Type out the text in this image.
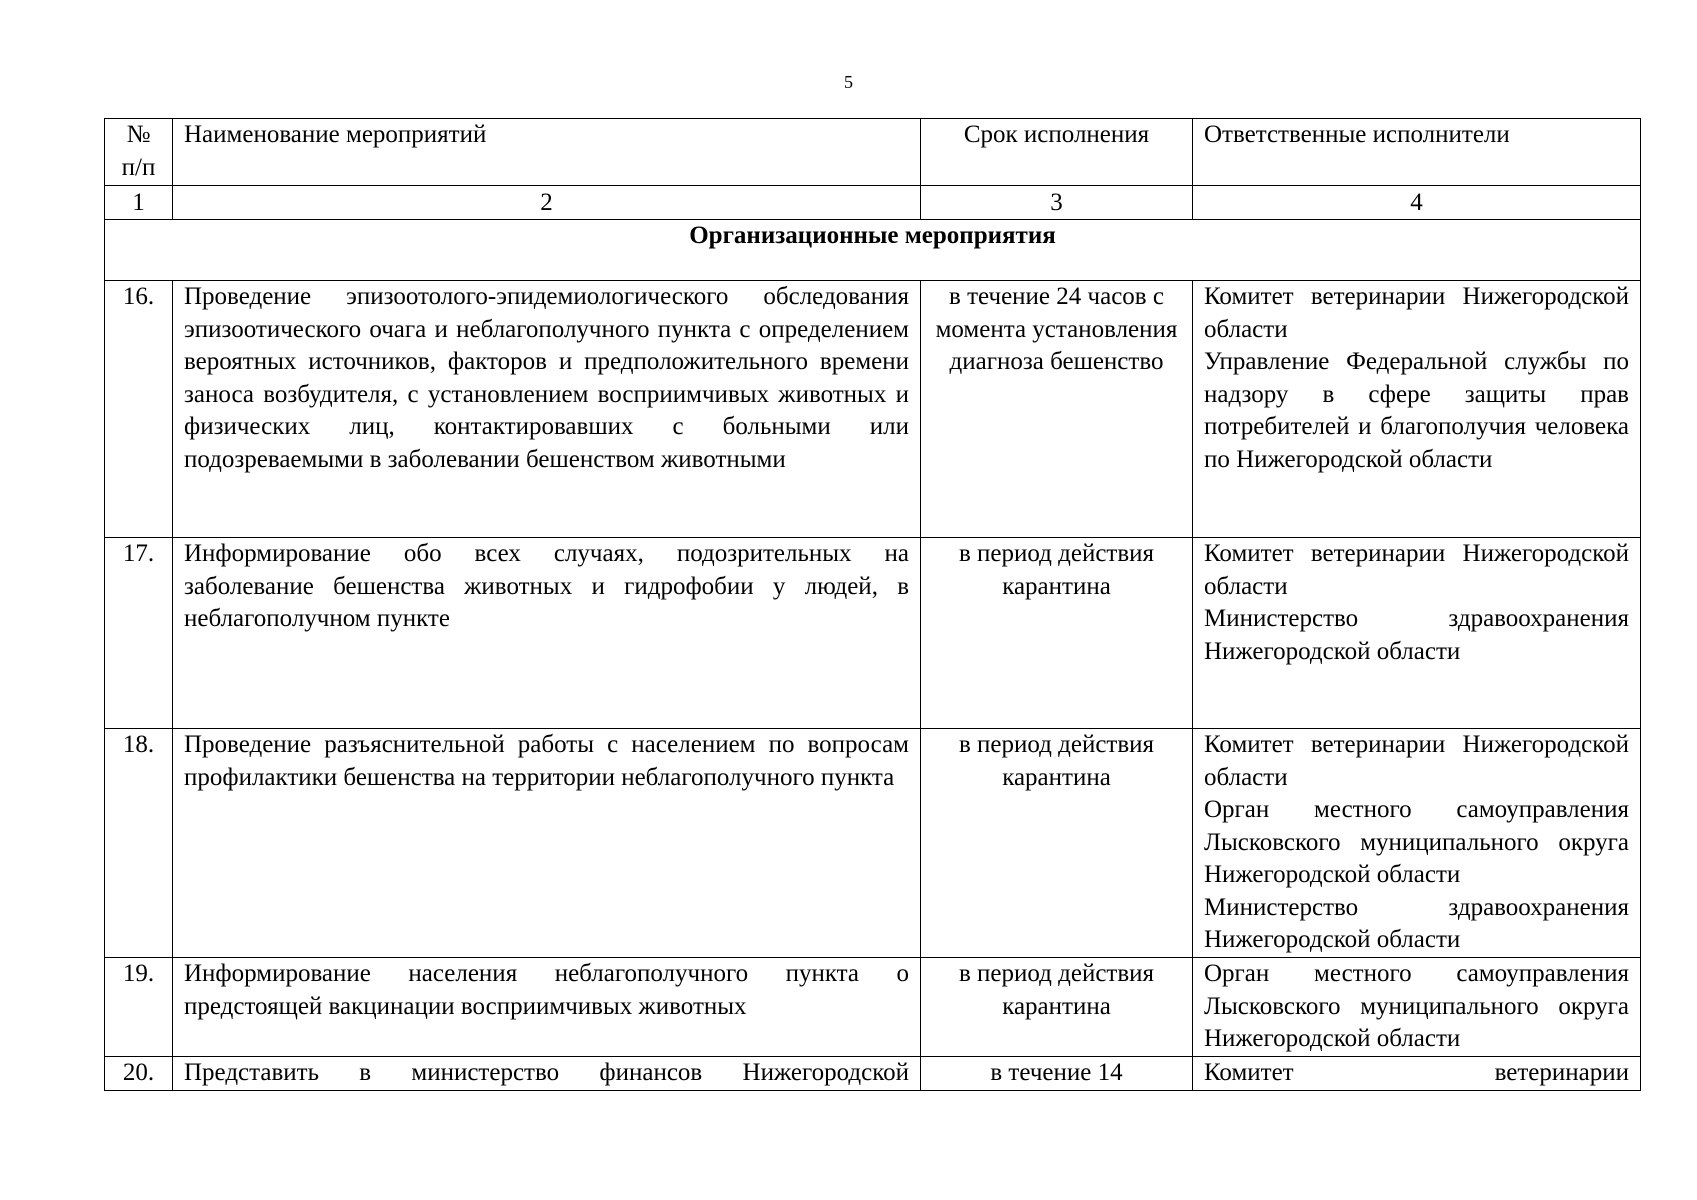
5
№ п/п	Наименование мероприятий	Срок исполнения	Ответственные исполнители
1	2	3	4
Организационные мероприятия			
16.	Проведение эпизоотолого-эпидемиологического обследования эпизоотического очага и неблагополучного пункта с определением вероятных источников, факторов и предположительного времени заноса возбудителя, с установлением восприимчивых животных и физических лиц, контактировавших с больными или подозреваемыми в заболевании бешенством животными	в течение 24 часов с момента установления диагноза бешенство	Комитет ветеринарии Нижегородской области
Управление Федеральной службы по надзору в сфере защиты прав потребителей и благополучия человека по Нижегородской области

17.	Информирование обо всех случаях, подозрительных на заболевание бешенства животных и гидрофобии у людей, в неблагополучном пункте	в период действия карантина	Комитет ветеринарии Нижегородской области
Министерство здравоохранения Нижегородской области

18.	Проведение разъяснительной работы с населением по вопросам профилактики бешенства на территории неблагополучного пункта	в период действия карантина	Комитет ветеринарии Нижегородской области
Орган местного самоуправления Лысковского муниципального округа Нижегородской области
Министерство здравоохранения Нижегородской области

19.	Информирование населения неблагополучного пункта о предстоящей вакцинации восприимчивых животных	в период действия карантина	Орган местного самоуправления Лысковского муниципального округа Нижегородской области

20.	Представить в министерство финансов Нижегородской	в течение 14	Комитет ветеринарии
